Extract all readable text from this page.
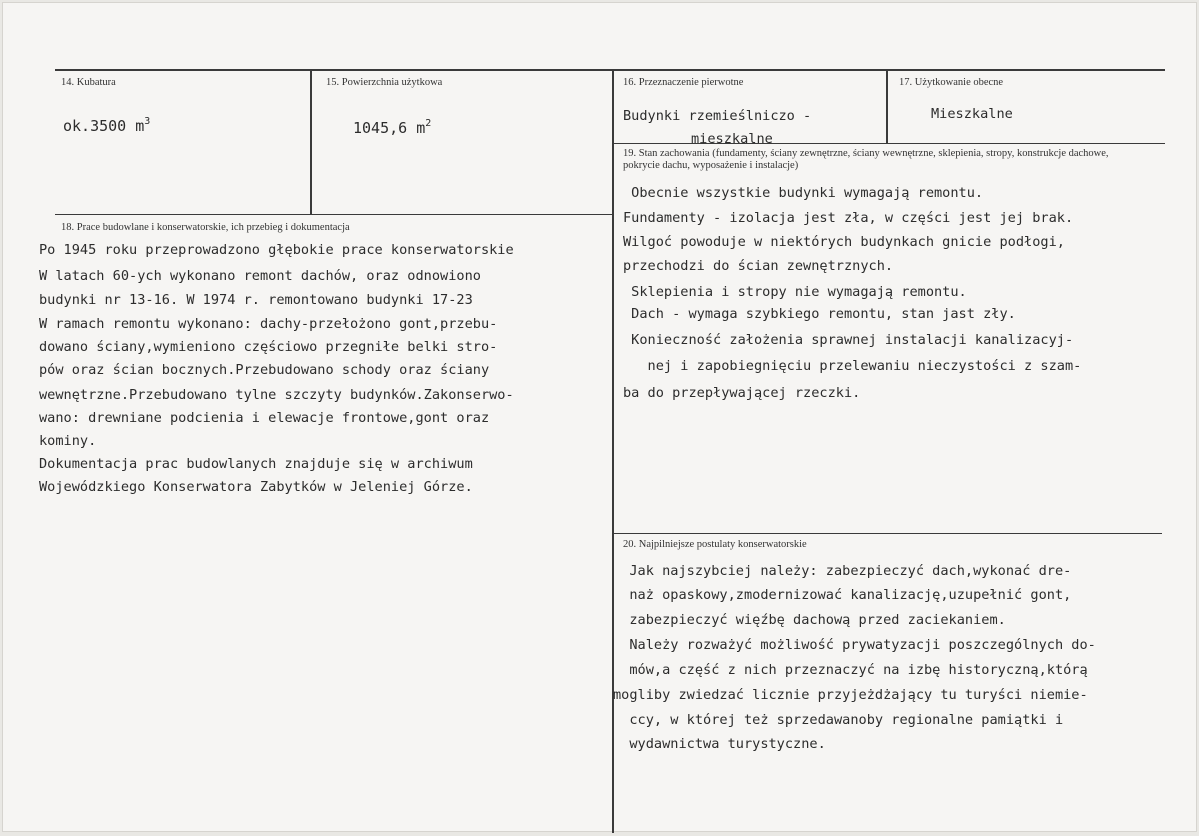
14. Kubatura
ok.3500 $m^3$
15. Powierzchnia użytkowa
1045,6 $m^2$
16. Przeznaczenie pierwotne
Budynki rzemieślniczo -
mieszkalne
17. Użytkowanie obecne
Mieszkalne
19. Stan zachowania (fundamenty, ściany zewnętrzne, ściany wewnętrzne, sklepienia, stropy, konstrukcje dachowe, pokrycie dachu, wyposażenie i instalacje)
Obecnie wszystkie budynki wymagają remontu.
Fundamenty - izolacja jest zła, w części jest jej brak.
Wilgoć powoduje w niektórych budynkach gnicie podłogi,
przechodzi do ścian zewnętrznych.
Sklepienia i stropy nie wymagają remontu.
Dach - wymaga szybkiego remontu, stan jast zły.
Konieczność założenia sprawnej instalacji kanalizacyj-
nej i zapobiegnięciu przelewaniu nieczystości z szam-
ba do przepływającej rzeczki.
18. Prace budowlane i konserwatorskie, ich przebieg i dokumentacja
Po 1945 roku przeprowadzono głębokie prace konserwatorskie
W latach 60-ych wykonano remont dachów, oraz odnowiono
budynki nr 13-16. W 1974 r. remontowano budynki 17-23
W ramach remontu wykonano: dachy-przełożono gont,przebu-
dowano ściany,wymieniono częściowo przegniłe belki stro-
pów oraz ścian bocznych.Przebudowano schody oraz ściany
wewnętrzne.Przebudowano tylne szczyty budynków.Zakonserwo-
wano: drewniane podcienia i elewacje frontowe,gont oraz
kominy.
Dokumentacja prac budowlanych znajduje się w archiwum
Wojewódzkiego Konserwatora Zabytków w Jeleniej Górze.
20. Najpilniejsze postulaty konserwatorskie
Jak najszybciej należy: zabezpieczyć dach,wykonać dre-
naż opaskowy,zmodernizować kanalizację,uzupełnić gont,
zabezpieczyć więźbę dachową przed zaciekaniem.
Należy rozważyć możliwość prywatyzacji poszczególnych do-
mów,a część z nich przeznaczyć na izbę historyczną,którą
mogliby zwiedzać licznie przyjeżdżający tu turyści niemie-
ccy, w której też sprzedawanoby regionalne pamiątki i
wydawnictwa turystyczne.
